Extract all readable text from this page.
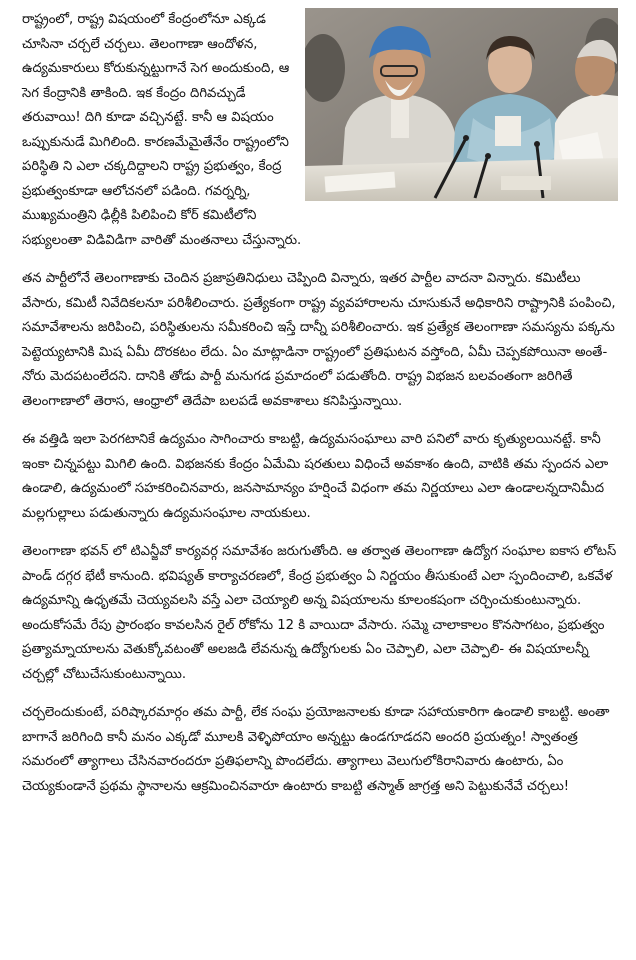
రాష్ట్రంలో, రాష్ట్ర విషయంలో కేంద్రంలోనూ ఎక్కడ చూసినా చర్చలే చర్చలు. తెలంగాణా ఆందోళన, ఉద్యమకారులు కోరుకున్నట్టుగానే సెగ అందుకుంది, ఆ సెగ కేంద్రానికి తాకింది. ఇక కేంద్రం దిగివచ్చుడే తరువాయి! దిగి కూడా వచ్చినట్టే. కానీ ఆ విషయం ఒప్పుకునుడే మిగిలింది. కారణమేమైతేనేం రాష్ట్రంలోని పరిస్థితి ని ఎలా చక్కదిద్దాలని రాష్ట్ర ప్రభుత్వం, కేంద్ర ప్రభుత్వంకూడా ఆలోచనలో పడింది. గవర్నర్ని, ముఖ్యమంత్రిని ఢిల్లీకి పిలిపించి కోర్ కమిటీలోని సభ్యులంతా విడివిడిగా వారితో మంతనాలు చేస్తున్నారు.

తన పార్టీలోనే తెలంగాణాకు చెందిన ప్రజాప్రతినిధులు చెప్పింది విన్నారు, ఇతర పార్టీల వాదనా విన్నారు. కమిటీలు వేసారు, కమిటీ నివేదికలనూ పరిశీలించారు. ప్రత్యేకంగా రాష్ట్ర వ్యవహారాలను చూసుకునే అధికారిని రాష్ట్రానికి పంపించి, సమావేశాలను జరిపించి, పరిస్థితులను సమీకరించి ఇస్తే దాన్నీ పరిశీలించారు. ఇక ప్రత్యేక తెలంగాణా సమస్యను పక్కను పెట్టెయ్యటానికి మిష ఏమీ దొరకటం లేదు. ఏం మాట్లాడినా రాష్ట్రంలో ప్రతిఘటన వస్తోంది, ఏమీ చెప్పకపోయినా అంతే- నోరు మెదపటంలేదని. దానికి తోడు పార్టీ మనుగడ ప్రమాదంలో పడుతోంది. రాష్ట్ర విభజన బలవంతంగా జరిగితే తెలంగాణాలో తెరాస, ఆంధ్రాలో తెదేపా బలపడే అవకాశాలు కనిపిస్తున్నాయి.

ఈ వత్తిడి ఇలా పెరగటానికే ఉద్యమం సాగించారు కాబట్టి, ఉద్యమసంఘాలు వారి పనిలో వారు కృత్యులయినట్టే. కానీ ఇంకా చిన్నపట్టు మిగిలి ఉంది. విభజనకు కేంద్రం ఏమేమి షరతులు విధించే అవకాశం ఉంది, వాటికి తమ స్పందన ఎలా ఉండాలి, ఉద్యమంలో సహకరించినవారు, జనసామాన్యం హర్షించే విధంగా తమ నిర్ణయాలు ఎలా ఉండాలన్నదానిమీద మల్లగుల్లాలు పడుతున్నారు ఉద్యమసంఘాల నాయకులు.

తెలంగాణా భవన్ లో టిఎన్జీవో కార్యవర్గ సమావేశం జరుగుతోంది. ఆ తర్వాత తెలంగాణా ఉద్యోగ సంఘాల ఐకాస లోటస్ పాండ్ దగ్గర భేటీ కానుంది. భవిష్యత్ కార్యాచరణలో, కేంద్ర ప్రభుత్వం ఏ నిర్ణయం తీసుకుంటే ఎలా స్పందించాలి, ఒకవేళ ఉద్యమాన్ని ఉధృతమే చెయ్యవలసి వస్తే ఎలా చెయ్యాలి అన్న విషయాలను కూలంకషంగా చర్చించుకుంటున్నారు. అందుకోసమే రేపు ప్రారంభం కావలసిన రైల్ రోకోను 12 కి వాయిదా వేసారు. సమ్మె చాలాకాలం కొనసాగటం, ప్రభుత్వం ప్రత్యామ్నాయాలను వెతుక్కోవటంతో అలజడి లేవనున్న ఉద్యోగులకు ఏం చెప్పాలి, ఎలా చెప్పాలి- ఈ విషయాలన్నీ చర్చల్లో చోటుచేసుకుంటున్నాయి.

చర్చలెందుకుంటే, పరిష్కారమార్గం తమ పార్టీ, లేక సంఘ ప్రయోజనాలకు కూడా సహాయకారిగా ఉండాలి కాబట్టి. అంతా బాగానే జరిగింది కానీ మనం ఎక్కడో మూలకి వెళ్ళిపోయాం అన్నట్టు ఉండగూడదని అందరి ప్రయత్నం! స్వాతంత్ర సమరంలో త్యాగాలు చేసినవారందరూ ప్రతిఫలాన్ని పొందలేదు. త్యాగాలు వెలుగులోకిరానివారు ఉంటారు, ఏం చెయ్యకుండానే ప్రథమ స్థానాలను ఆక్రమించినవారూ ఉంటారు కాబట్టి తస్మాత్ జాగ్రత్త అని పెట్టుకునేవే చర్చలు!
